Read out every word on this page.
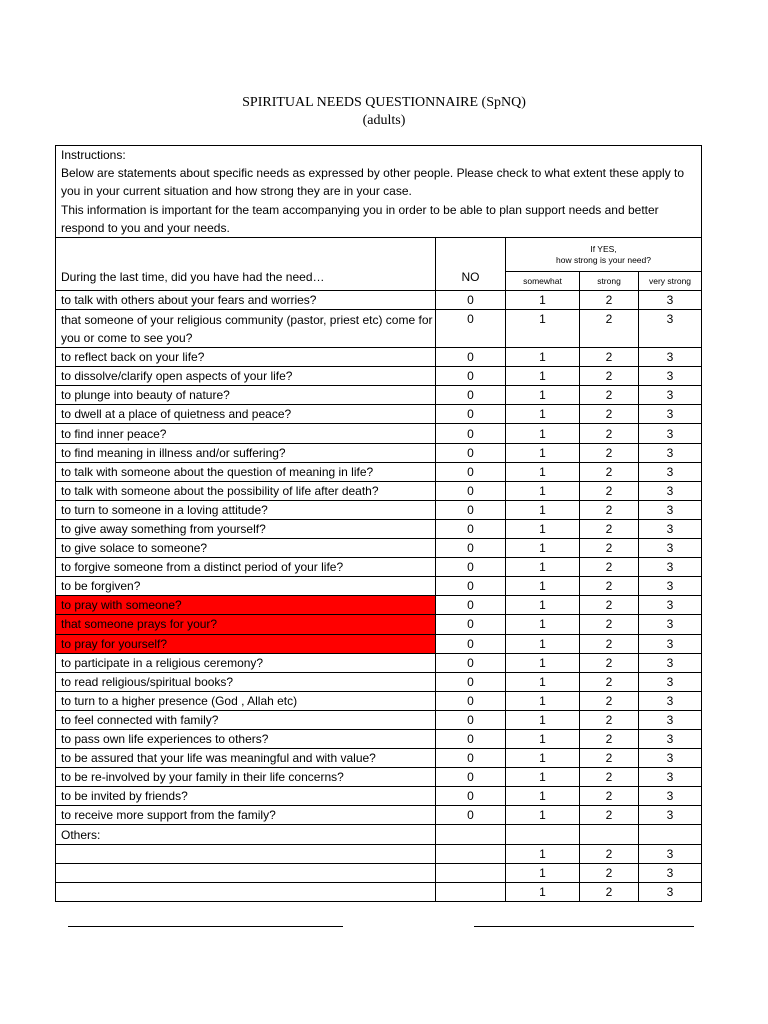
SPIRITUAL NEEDS QUESTIONNAIRE (SpNQ)
(adults)
Instructions:
Below are statements about specific needs as expressed by other people. Please check to what extent these apply to you in your current situation and how strong they are in your case.
This information is important for the team accompanying you in order to be able to plan support needs and better respond to you and your needs.				

During the last time, did you have had the need…	NO	If YES,
how strong is your need?		

		somewhat	strong	very strong
to talk with others about your fears and worries?	0	1	2	3
that someone of your religious community (pastor, priest etc) come for you or come to see you?	0	1	2	3
to reflect back on your life?	0	1	2	3
to dissolve/clarify open aspects of your life?	0	1	2	3
to plunge into beauty of nature?	0	1	2	3
to dwell at a place of quietness and peace?	0	1	2	3
to find inner peace?	0	1	2	3
to find meaning in illness and/or suffering?	0	1	2	3
to talk with someone about the question of meaning in life?	0	1	2	3
to talk with someone about the possibility of life after death?	0	1	2	3
to turn to someone in a loving attitude?	0	1	2	3
to give away something from yourself?	0	1	2	3
to give solace to someone?	0	1	2	3
to forgive someone from a distinct period of your life?	0	1	2	3
to be forgiven?	0	1	2	3
to pray with someone?	0	1	2	3
that someone prays for your?	0	1	2	3
to pray for yourself?	0	1	2	3
to participate in a religious ceremony?	0	1	2	3
to read religious/spiritual books?	0	1	2	3
to turn to a higher presence (God , Allah etc)	0	1	2	3
to feel connected with family?	0	1	2	3
to pass own life experiences to others?	0	1	2	3
to be assured that your life was meaningful and with value?	0	1	2	3
to be re-involved by your family in their life concerns?	0	1	2	3
to be invited by friends?	0	1	2	3
to receive more support from the family?	0	1	2	3
Others:				
		1	2	3
		1	2	3
		1	2	3
